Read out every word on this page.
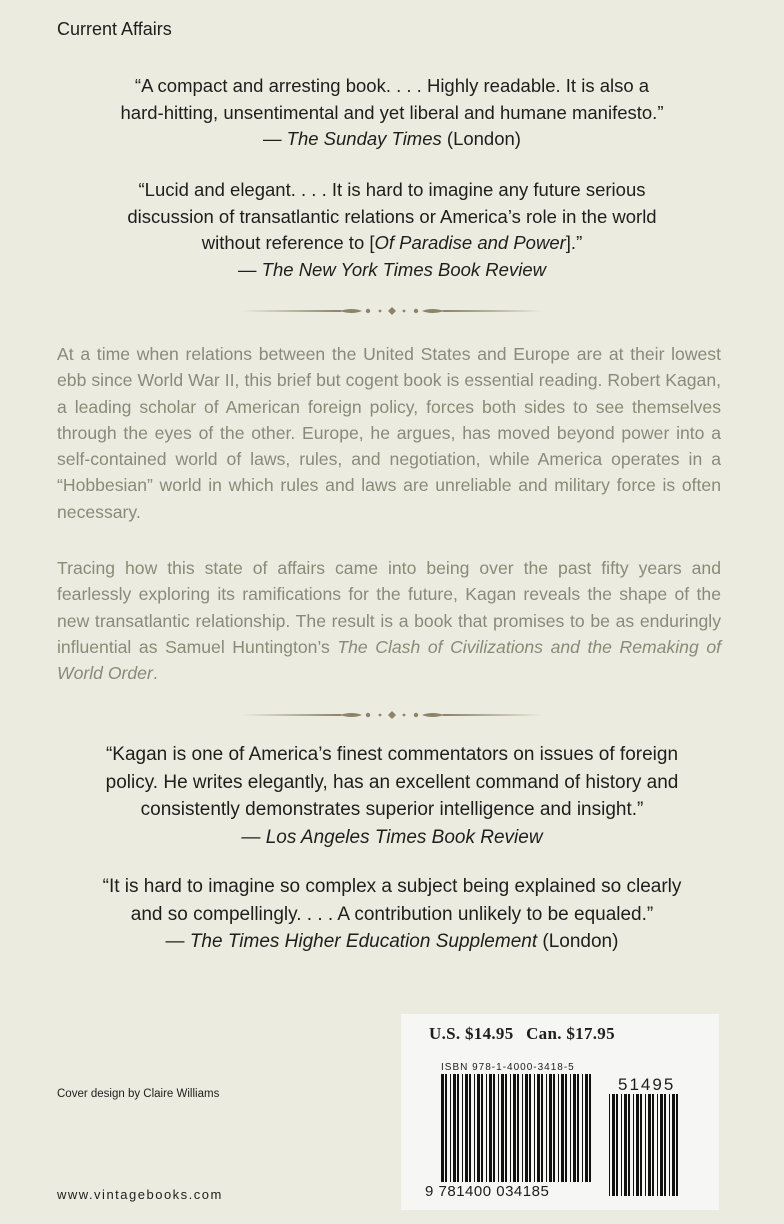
Current Affairs
“A compact and arresting book. . . . Highly readable. It is also a
hard-hitting, unsentimental and yet liberal and humane manifesto.”
— The Sunday Times (London)
“Lucid and elegant. . . . It is hard to imagine any future serious
discussion of transatlantic relations or America’s role in the world
without reference to [Of Paradise and Power].”
— The New York Times Book Review
At a time when relations between the United States and Europe are at their lowest ebb since World War II, this brief but cogent book is essential reading. Robert Kagan, a leading scholar of American foreign policy, forces both sides to see themselves through the eyes of the other. Europe, he argues, has moved beyond power into a self-contained world of laws, rules, and negotiation, while America operates in a “Hobbesian” world in which rules and laws are unreliable and military force is often necessary.
Tracing how this state of affairs came into being over the past fifty years and fearlessly exploring its ramifications for the future, Kagan reveals the shape of the new transatlantic relationship. The result is a book that promises to be as enduringly influential as Samuel Huntington’s The Clash of Civilizations and the Remaking of World Order.
“Kagan is one of America’s finest commentators on issues of foreign
policy. He writes elegantly, has an excellent command of history and
consistently demonstrates superior intelligence and insight.”
— Los Angeles Times Book Review
“It is hard to imagine so complex a subject being explained so clearly
and so compellingly. . . . A contribution unlikely to be equaled.”
— The Times Higher Education Supplement (London)
Cover design by Claire Williams
www.vintagebooks.com
U.S. $14.95 Can. $17.95
ISBN 978-1-4000-3418-5
51495
9 781400 034185
